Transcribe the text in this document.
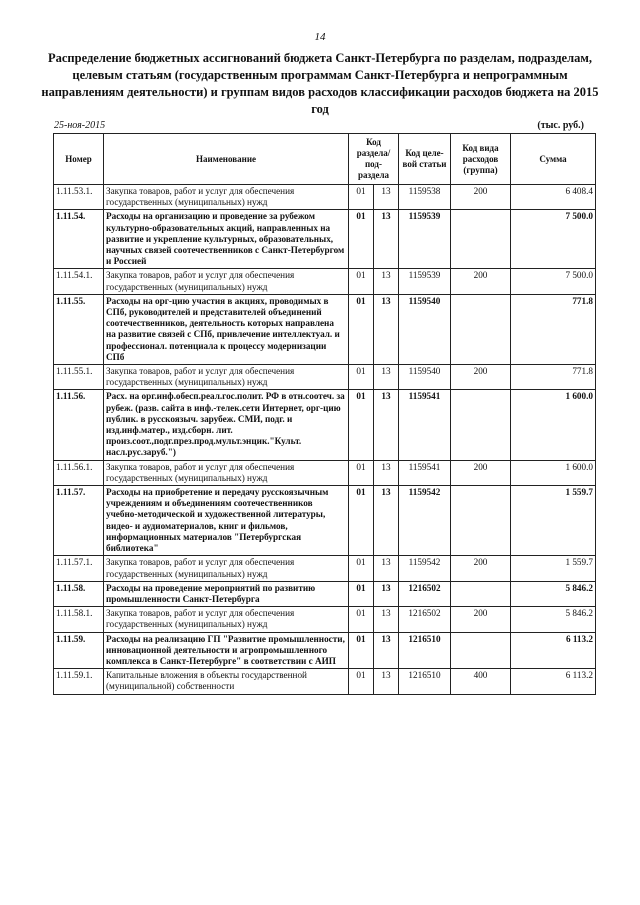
14
Распределение бюджетных ассигнований бюджета Санкт-Петербурга по разделам, подразделам, целевым статьям (государственным программам Санкт-Петербурга и непрограммным направлениям деятельности) и группам видов расходов классификации расходов бюджета на 2015 год
25-ноя-2015	(тыс. руб.)
Номер	Наименование	Код раздела/ под-раздела		Код целе-вой статьи	Код вида расходов (группа)	Сумма
1.11.53.1.	Закупка товаров, работ и услуг для обеспечения государственных (муниципальных) нужд	01	13	1159538	200	6 408.4
1.11.54.	Расходы на организацию и проведение за рубежом культурно-образовательных акций, направленных на развитие и укрепление культурных, образовательных, научных связей соотечественников с Санкт-Петербургом и Россией	01	13	1159539		7 500.0
1.11.54.1.	Закупка товаров, работ и услуг для обеспечения государственных (муниципальных) нужд	01	13	1159539	200	7 500.0
1.11.55.	Расходы на орг-цию участия в акциях, проводимых в СПб, руководителей и представителей объединений соотечественников, деятельность которых направлена на развитие связей с СПб, привлечение интеллектуал. и профессионал. потенциала к процессу модернизации СПб	01	13	1159540		771.8
1.11.55.1.	Закупка товаров, работ и услуг для обеспечения государственных (муниципальных) нужд	01	13	1159540	200	771.8
1.11.56.	Расх. на орг.инф.обесп.реал.гос.полит. РФ в отн.соотеч. за рубеж. (разв. сайта в инф.-телек.сети Интернет, орг-цию публик. в русскоязыч. зарубеж. СМИ, подг. и изд.инф.матер., изд.сборн. лит. произ.соот.,подг.през.прод.мульт.энцик."Культ. насл.рус.заруб.")	01	13	1159541		1 600.0
1.11.56.1.	Закупка товаров, работ и услуг для обеспечения государственных (муниципальных) нужд	01	13	1159541	200	1 600.0
1.11.57.	Расходы на приобретение и передачу русскоязычным учреждениям и объединениям соотечественников учебно-методической и художественной литературы, видео- и аудиоматериалов, книг и фильмов, информационных материалов "Петербургская библиотека"	01	13	1159542		1 559.7
1.11.57.1.	Закупка товаров, работ и услуг для обеспечения государственных (муниципальных) нужд	01	13	1159542	200	1 559.7
1.11.58.	Расходы на проведение мероприятий по развитию промышленности Санкт-Петербурга	01	13	1216502		5 846.2
1.11.58.1.	Закупка товаров, работ и услуг для обеспечения государственных (муниципальных) нужд	01	13	1216502	200	5 846.2
1.11.59.	Расходы на реализацию ГП "Развитие промышленности, инновационной деятельности и агропромышленного комплекса в Санкт-Петербурге" в соответствии с АИП	01	13	1216510		6 113.2
1.11.59.1.	Капитальные вложения в объекты государственной (муниципальной) собственности	01	13	1216510	400	6 113.2
